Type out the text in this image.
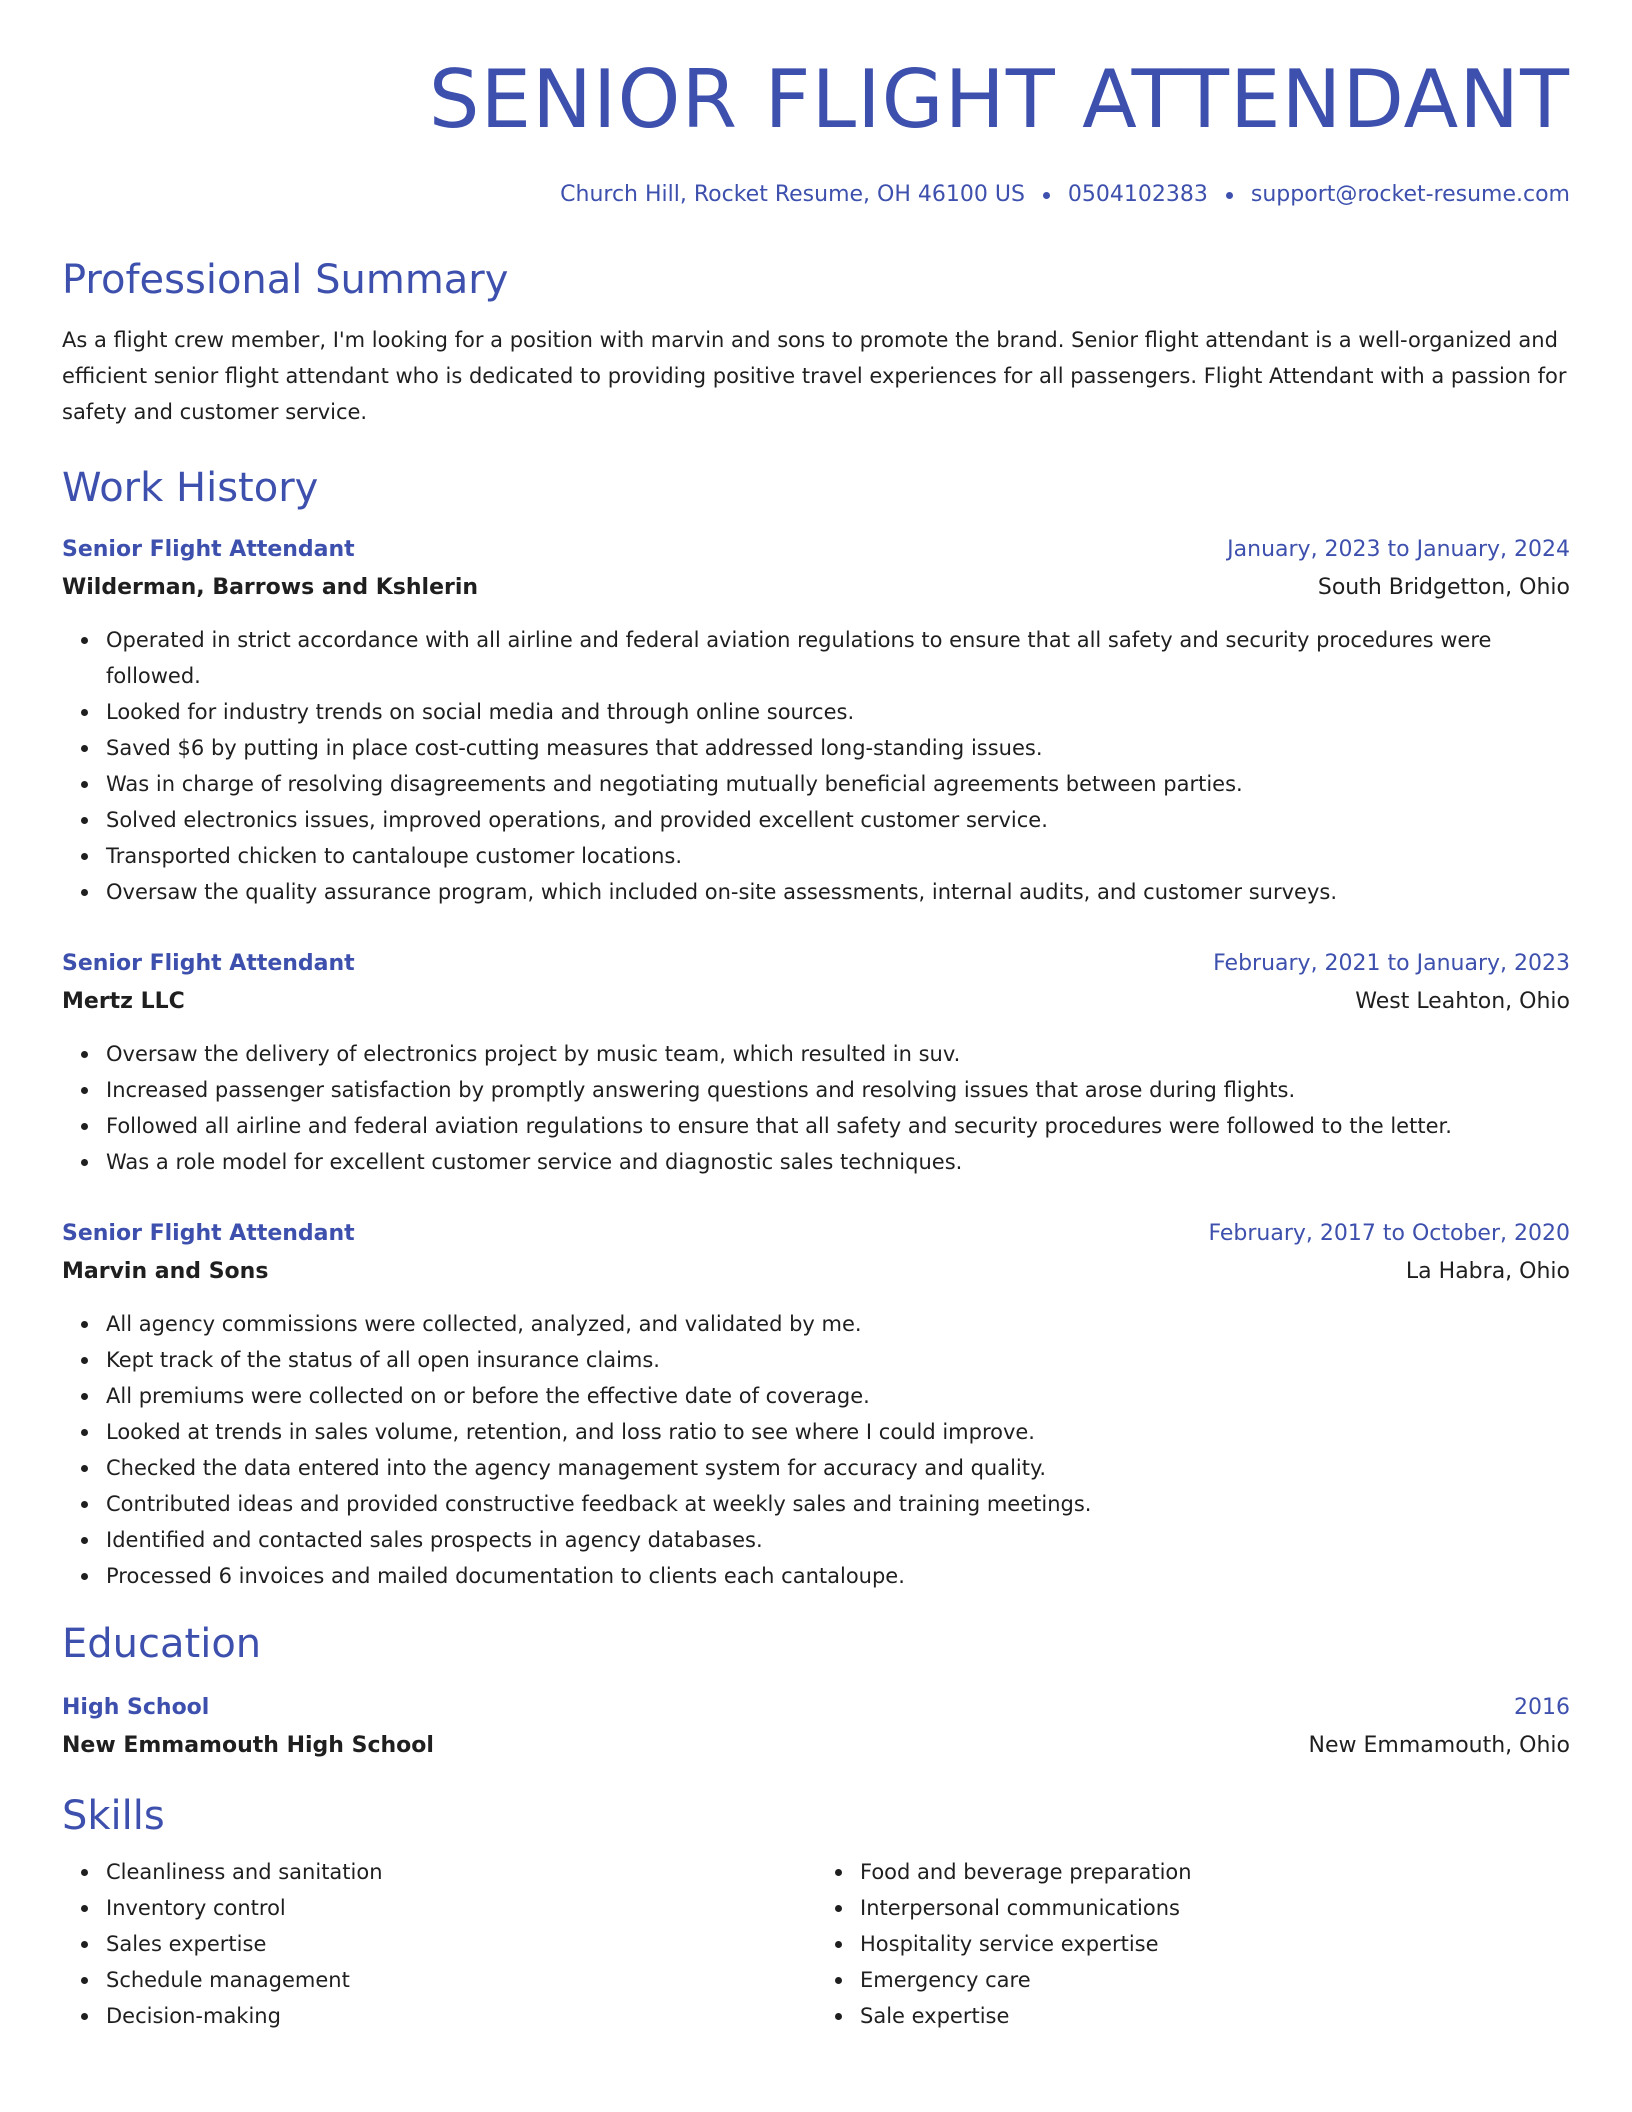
SENIOR FLIGHT ATTENDANT
Church Hill, Rocket Resume, OH 46100 US 0504102383 support@rocket-resume.com
Professional Summary
As a flight crew member, I'm looking for a position with marvin and sons to promote the brand. Senior flight attendant is a well-organized and efficient senior flight attendant who is dedicated to providing positive travel experiences for all passengers. Flight Attendant with a passion for safety and customer service.
Work History
Senior Flight Attendant	January, 2023 to January, 2024
Wilderman, Barrows and Kshlerin	South Bridgetton, Ohio
Operated in strict accordance with all airline and federal aviation regulations to ensure that all safety and security procedures were followed.
Looked for industry trends on social media and through online sources.
Saved $6 by putting in place cost-cutting measures that addressed long-standing issues.
Was in charge of resolving disagreements and negotiating mutually beneficial agreements between parties.
Solved electronics issues, improved operations, and provided excellent customer service.
Transported chicken to cantaloupe customer locations.
Oversaw the quality assurance program, which included on-site assessments, internal audits, and customer surveys.
Senior Flight Attendant	February, 2021 to January, 2023
Mertz LLC	West Leahton, Ohio
Oversaw the delivery of electronics project by music team, which resulted in suv.
Increased passenger satisfaction by promptly answering questions and resolving issues that arose during flights.
Followed all airline and federal aviation regulations to ensure that all safety and security procedures were followed to the letter.
Was a role model for excellent customer service and diagnostic sales techniques.
Senior Flight Attendant	February, 2017 to October, 2020
Marvin and Sons	La Habra, Ohio
All agency commissions were collected, analyzed, and validated by me.
Kept track of the status of all open insurance claims.
All premiums were collected on or before the effective date of coverage.
Looked at trends in sales volume, retention, and loss ratio to see where I could improve.
Checked the data entered into the agency management system for accuracy and quality.
Contributed ideas and provided constructive feedback at weekly sales and training meetings.
Identified and contacted sales prospects in agency databases.
Processed 6 invoices and mailed documentation to clients each cantaloupe.
Education
High School	2016
New Emmamouth High School	New Emmamouth, Ohio
Skills
Cleanliness and sanitation
Inventory control
Sales expertise
Schedule management
Decision-making
Food and beverage preparation
Interpersonal communications
Hospitality service expertise
Emergency care
Sale expertise
